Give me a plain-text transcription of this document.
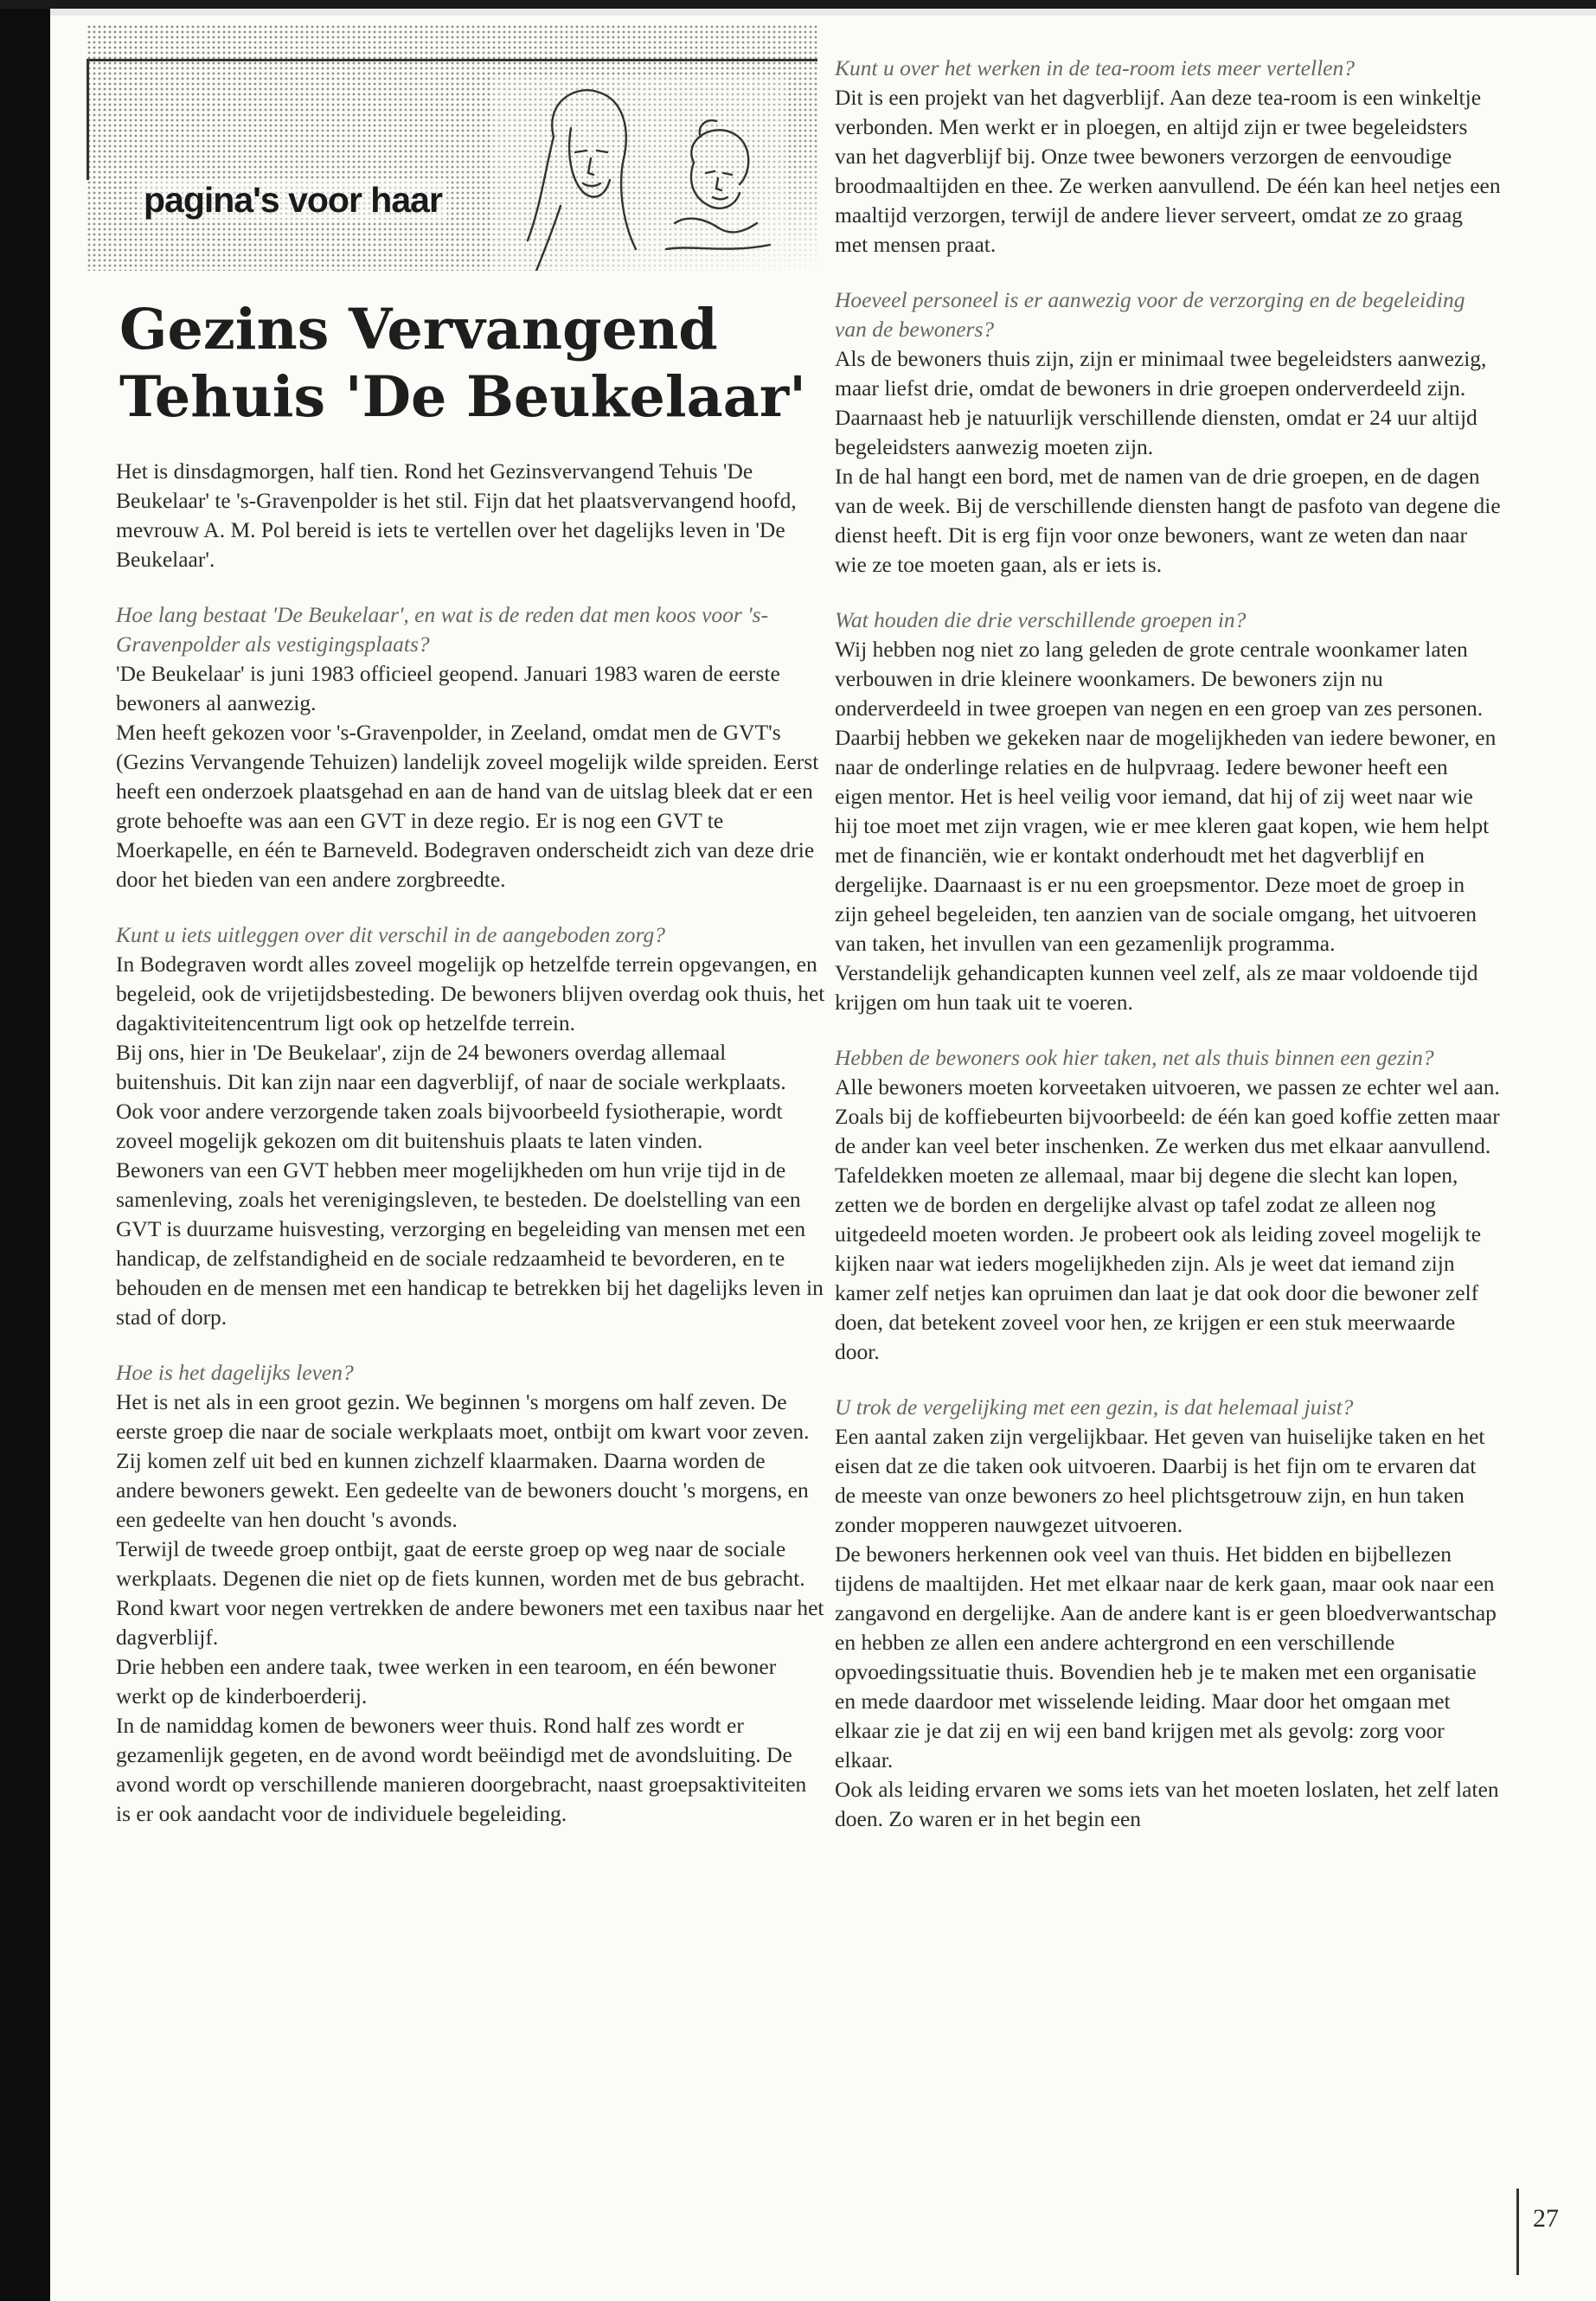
pagina's voor haar
Gezins Vervangend
Tehuis 'De Beukelaar'

Het is dinsdagmorgen, half tien. Rond het Gezinsvervangend Tehuis 'De Beukelaar' te 's-Gravenpolder is het stil. Fijn dat het plaatsvervangend hoofd, mevrouw A. M. Pol bereid is iets te vertellen over het dagelijks leven in 'De Beukelaar'.

Hoe lang bestaat 'De Beukelaar', en wat is de reden dat men koos voor 's-Gravenpolder als vestigingsplaats?

'De Beukelaar' is juni 1983 officieel geopend. Januari 1983 waren de eerste bewoners al aanwezig.

Men heeft gekozen voor 's-Gravenpolder, in Zeeland, omdat men de GVT's (Gezins Vervangende Tehuizen) landelijk zoveel mogelijk wilde spreiden. Eerst heeft een onderzoek plaatsgehad en aan de hand van de uitslag bleek dat er een grote behoefte was aan een GVT in deze regio. Er is nog een GVT te Moerkapelle, en één te Barneveld. Bodegraven onderscheidt zich van deze drie door het bieden van een andere zorgbreedte.

Kunt u iets uitleggen over dit verschil in de aangeboden zorg?

In Bodegraven wordt alles zoveel mogelijk op hetzelfde terrein opgevangen, en begeleid, ook de vrijetijdsbesteding. De bewoners blijven overdag ook thuis, het dagaktiviteitencentrum ligt ook op hetzelfde terrein.

Bij ons, hier in 'De Beukelaar', zijn de 24 bewoners overdag allemaal buitenshuis. Dit kan zijn naar een dagverblijf, of naar de sociale werkplaats. Ook voor andere verzorgende taken zoals bijvoorbeeld fysiotherapie, wordt zoveel mogelijk gekozen om dit buitenshuis plaats te laten vinden.

Bewoners van een GVT hebben meer mogelijkheden om hun vrije tijd in de samenleving, zoals het verenigingsleven, te besteden. De doelstelling van een GVT is duurzame huisvesting, verzorging en begeleiding van mensen met een handicap, de zelfstandigheid en de sociale redzaamheid te bevorderen, en te behouden en de mensen met een handicap te betrekken bij het dagelijks leven in stad of dorp.

Hoe is het dagelijks leven?

Het is net als in een groot gezin. We beginnen 's morgens om half zeven. De eerste groep die naar de sociale werkplaats moet, ontbijt om kwart voor zeven. Zij komen zelf uit bed en kunnen zichzelf klaarmaken. Daarna worden de andere bewoners gewekt. Een gedeelte van de bewoners doucht 's morgens, en een gedeelte van hen doucht 's avonds.

Terwijl de tweede groep ontbijt, gaat de eerste groep op weg naar de sociale werkplaats. Degenen die niet op de fiets kunnen, worden met de bus gebracht.

Rond kwart voor negen vertrekken de andere bewoners met een taxibus naar het dagverblijf.

Drie hebben een andere taak, twee werken in een tearoom, en één bewoner werkt op de kinderboerderij.

In de namiddag komen de bewoners weer thuis. Rond half zes wordt er gezamenlijk gegeten, en de avond wordt beëindigd met de avondsluiting. De avond wordt op verschillende manieren doorgebracht, naast groepsaktiviteiten is er ook aandacht voor de individuele begeleiding.

Kunt u over het werken in de tea-room iets meer vertellen?

Dit is een projekt van het dagverblijf. Aan deze tea-room is een winkeltje verbonden. Men werkt er in ploegen, en altijd zijn er twee begeleidsters van het dagverblijf bij. Onze twee bewoners verzorgen de eenvoudige broodmaaltijden en thee. Ze werken aanvullend. De één kan heel netjes een maaltijd verzorgen, terwijl de andere liever serveert, omdat ze zo graag met mensen praat.

Hoeveel personeel is er aanwezig voor de verzorging en de begeleiding van de bewoners?

Als de bewoners thuis zijn, zijn er minimaal twee begeleidsters aanwezig, maar liefst drie, omdat de bewoners in drie groepen onderverdeeld zijn. Daarnaast heb je natuurlijk verschillende diensten, omdat er 24 uur altijd begeleidsters aanwezig moeten zijn.

In de hal hangt een bord, met de namen van de drie groepen, en de dagen van de week. Bij de verschillende diensten hangt de pasfoto van degene die dienst heeft. Dit is erg fijn voor onze bewoners, want ze weten dan naar wie ze toe moeten gaan, als er iets is.

Wat houden die drie verschillende groepen in?

Wij hebben nog niet zo lang geleden de grote centrale woonkamer laten verbouwen in drie kleinere woonkamers. De bewoners zijn nu onderverdeeld in twee groepen van negen en een groep van zes personen.

Daarbij hebben we gekeken naar de mogelijkheden van iedere bewoner, en naar de onderlinge relaties en de hulpvraag. Iedere bewoner heeft een eigen mentor. Het is heel veilig voor iemand, dat hij of zij weet naar wie hij toe moet met zijn vragen, wie er mee kleren gaat kopen, wie hem helpt met de financiën, wie er kontakt onderhoudt met het dagverblijf en dergelijke. Daarnaast is er nu een groepsmentor. Deze moet de groep in zijn geheel begeleiden, ten aanzien van de sociale omgang, het uitvoeren van taken, het invullen van een gezamenlijk programma.

Verstandelijk gehandicapten kunnen veel zelf, als ze maar voldoende tijd krijgen om hun taak uit te voeren.

Hebben de bewoners ook hier taken, net als thuis binnen een gezin?

Alle bewoners moeten korveetaken uitvoeren, we passen ze echter wel aan. Zoals bij de koffiebeurten bijvoorbeeld: de één kan goed koffie zetten maar de ander kan veel beter inschenken. Ze werken dus met elkaar aanvullend. Tafeldekken moeten ze allemaal, maar bij degene die slecht kan lopen, zetten we de borden en dergelijke alvast op tafel zodat ze alleen nog uitgedeeld moeten worden. Je probeert ook als leiding zoveel mogelijk te kijken naar wat ieders mogelijkheden zijn. Als je weet dat iemand zijn kamer zelf netjes kan opruimen dan laat je dat ook door die bewoner zelf doen, dat betekent zoveel voor hen, ze krijgen er een stuk meerwaarde door.

U trok de vergelijking met een gezin, is dat helemaal juist?

Een aantal zaken zijn vergelijkbaar. Het geven van huiselijke taken en het eisen dat ze die taken ook uitvoeren. Daarbij is het fijn om te ervaren dat de meeste van onze bewoners zo heel plichtsgetrouw zijn, en hun taken zonder mopperen nauwgezet uitvoeren.

De bewoners herkennen ook veel van thuis. Het bidden en bijbellezen tijdens de maaltijden. Het met elkaar naar de kerk gaan, maar ook naar een zangavond en dergelijke. Aan de andere kant is er geen bloedverwantschap en hebben ze allen een andere achtergrond en een verschillende opvoedingssituatie thuis. Bovendien heb je te maken met een organisatie en mede daardoor met wisselende leiding. Maar door het omgaan met elkaar zie je dat zij en wij een band krijgen met als gevolg: zorg voor elkaar.

Ook als leiding ervaren we soms iets van het moeten loslaten, het zelf laten doen. Zo waren er in het begin een

27
